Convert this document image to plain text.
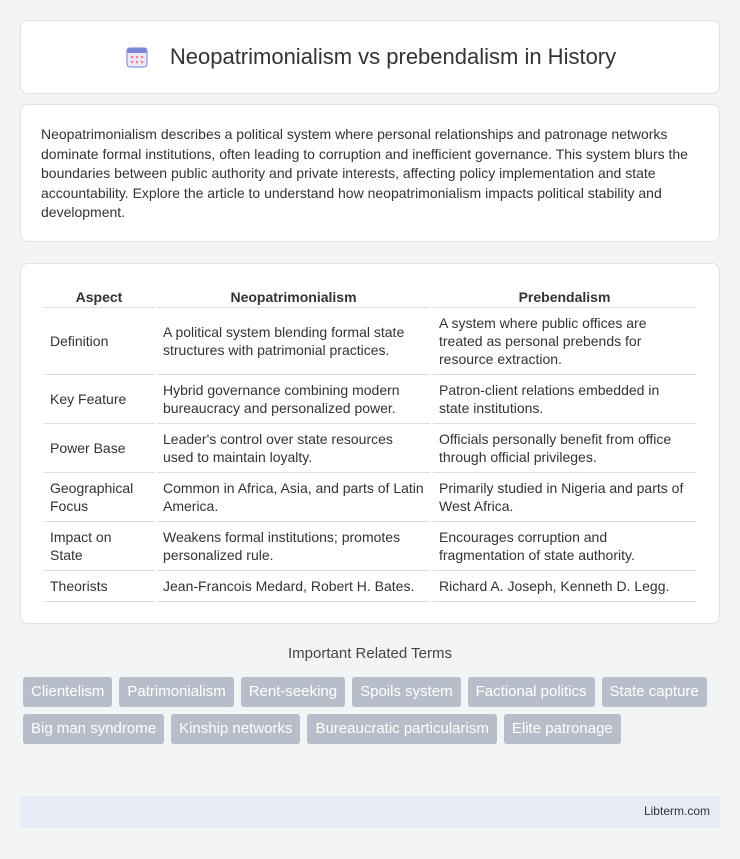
Neopatrimonialism vs prebendalism in History

Neopatrimonialism describes a political system where personal relationships and patronage networks dominate formal institutions, often leading to corruption and inefficient governance. This system blurs the boundaries between public authority and private interests, affecting policy implementation and state accountability. Explore the article to understand how neopatrimonialism impacts political stability and development.

Aspect	Neopatrimonialism	Prebendalism
Definition	A political system blending formal state structures with patrimonial practices.	A system where public offices are treated as personal prebends for resource extraction.
Key Feature	Hybrid governance combining modern bureaucracy and personalized power.	Patron-client relations embedded in state institutions.
Power Base	Leader's control over state resources used to maintain loyalty.	Officials personally benefit from office through official privileges.
Geographical Focus	Common in Africa, Asia, and parts of Latin America.	Primarily studied in Nigeria and parts of West Africa.
Impact on State	Weakens formal institutions; promotes personalized rule.	Encourages corruption and fragmentation of state authority.
Theorists	Jean-Francois Medard, Robert H. Bates.	Richard A. Joseph, Kenneth D. Legg.
Important Related Terms
Clientelism	Patrimonialism	Rent-seeking	Spoils system	Factional politics	State capture
Big man syndrome	Kinship networks	Bureaucratic particularism	Elite patronage
Libterm.com
